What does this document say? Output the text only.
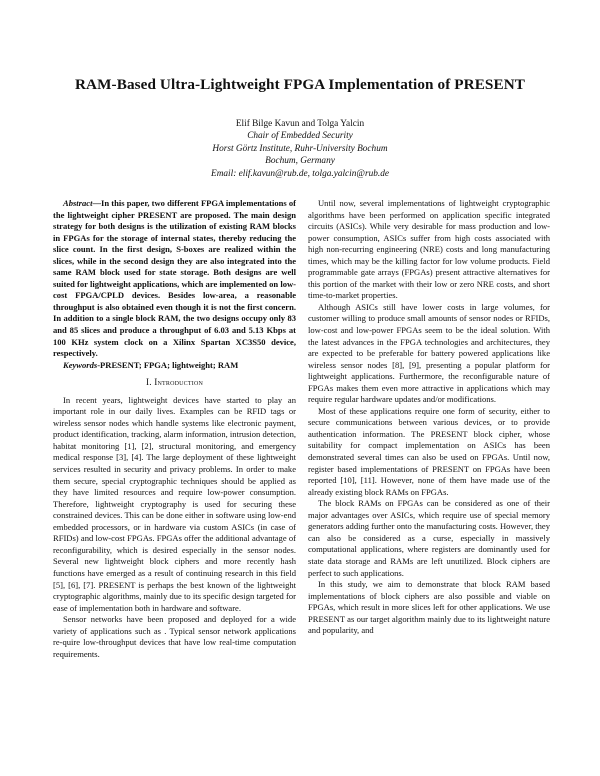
RAM-Based Ultra-Lightweight FPGA Implementation of PRESENT
Elif Bilge Kavun and Tolga Yalcin
Chair of Embedded Security
Horst Görtz Institute, Ruhr-University Bochum
Bochum, Germany
Email: elif.kavun@rub.de, tolga.yalcin@rub.de

Abstract—In this paper, two different FPGA implementations of the lightweight cipher PRESENT are proposed. The main design strategy for both designs is the utilization of existing RAM blocks in FPGAs for the storage of internal states, thereby reducing the slice count. In the first design, S-boxes are realized within the slices, while in the second design they are also integrated into the same RAM block used for state storage. Both designs are well suited for lightweight applications, which are implemented on low-cost FPGA/CPLD devices. Besides low-area, a reasonable throughput is also obtained even though it is not the first concern. In addition to a single block RAM, the two designs occupy only 83 and 85 slices and produce a throughput of 6.03 and 5.13 Kbps at 100 KHz system clock on a Xilinx Spartan XC3S50 device, respectively.

Keywords-PRESENT; FPGA; lightweight; RAM

I. Introduction

In recent years, lightweight devices have started to play an important role in our daily lives. Examples can be RFID tags or wireless sensor nodes which handle systems like electronic payment, product identification, tracking, alarm information, intrusion detection, habitat monitoring [1], [2], structural monitoring, and emergency medical response [3], [4]. The large deployment of these lightweight services resulted in security and privacy problems. In order to make them secure, special cryptographic techniques should be applied as they have limited resources and require low-power consumption. Therefore, lightweight cryptography is used for securing these constrained devices. This can be done either in software using low-end embedded processors, or in hardware via custom ASICs (in case of RFIDs) and low-cost FPGAs. FPGAs offer the additional advantage of reconfigurability, which is desired especially in the sensor nodes. Several new lightweight block ciphers and more recently hash functions have emerged as a result of continuing research in this field [5], [6], [7]. PRESENT is perhaps the best known of the lightweight cryptographic algorithms, mainly due to its specific design targeted for ease of implementation both in hardware and software.

Sensor networks have been proposed and deployed for a wide variety of applications such as . Typical sensor network applications re-quire low-throughput devices that have low real-time computation requirements.

Until now, several implementations of lightweight cryptographic algorithms have been performed on application specific integrated circuits (ASICs). While very desirable for mass production and low-power consumption, ASICs suffer from high costs associated with high non-recurring engineering (NRE) costs and long manufacturing times, which may be the killing factor for low volume products. Field programmable gate arrays (FPGAs) present attractive alternatives for this portion of the market with their low or zero NRE costs, and short time-to-market properties.

Although ASICs still have lower costs in large volumes, for customer willing to produce small amounts of sensor nodes or RFIDs, low-cost and low-power FPGAs seem to be the ideal solution. With the latest advances in the FPGA technologies and architectures, they are expected to be preferable for battery powered applications like wireless sensor nodes [8], [9], presenting a popular platform for lightweight applications. Furthermore, the reconfigurable nature of FPGAs makes them even more attractive in applications which may require regular hardware updates and/or modifications.

Most of these applications require one form of security, either to secure communications between various devices, or to provide authentication information. The PRESENT block cipher, whose suitability for compact implementation on ASICs has been demonstrated several times can also be used on FPGAs. Until now, register based implementations of PRESENT on FPGAs have been reported [10], [11]. However, none of them have made use of the already existing block RAMs on FPGAs.

The block RAMs on FPGAs can be considered as one of their major advantages over ASICs, which require use of special memory generators adding further onto the manufacturing costs. However, they can also be considered as a curse, especially in massively computational applications, where registers are dominantly used for state data storage and RAMs are left unutilized. Block ciphers are perfect to such applications.

In this study, we aim to demonstrate that block RAM based implementations of block ciphers are also possible and viable on FPGAs, which result in more slices left for other applications. We use PRESENT as our target algorithm mainly due to its lightweight nature and popularity, and
